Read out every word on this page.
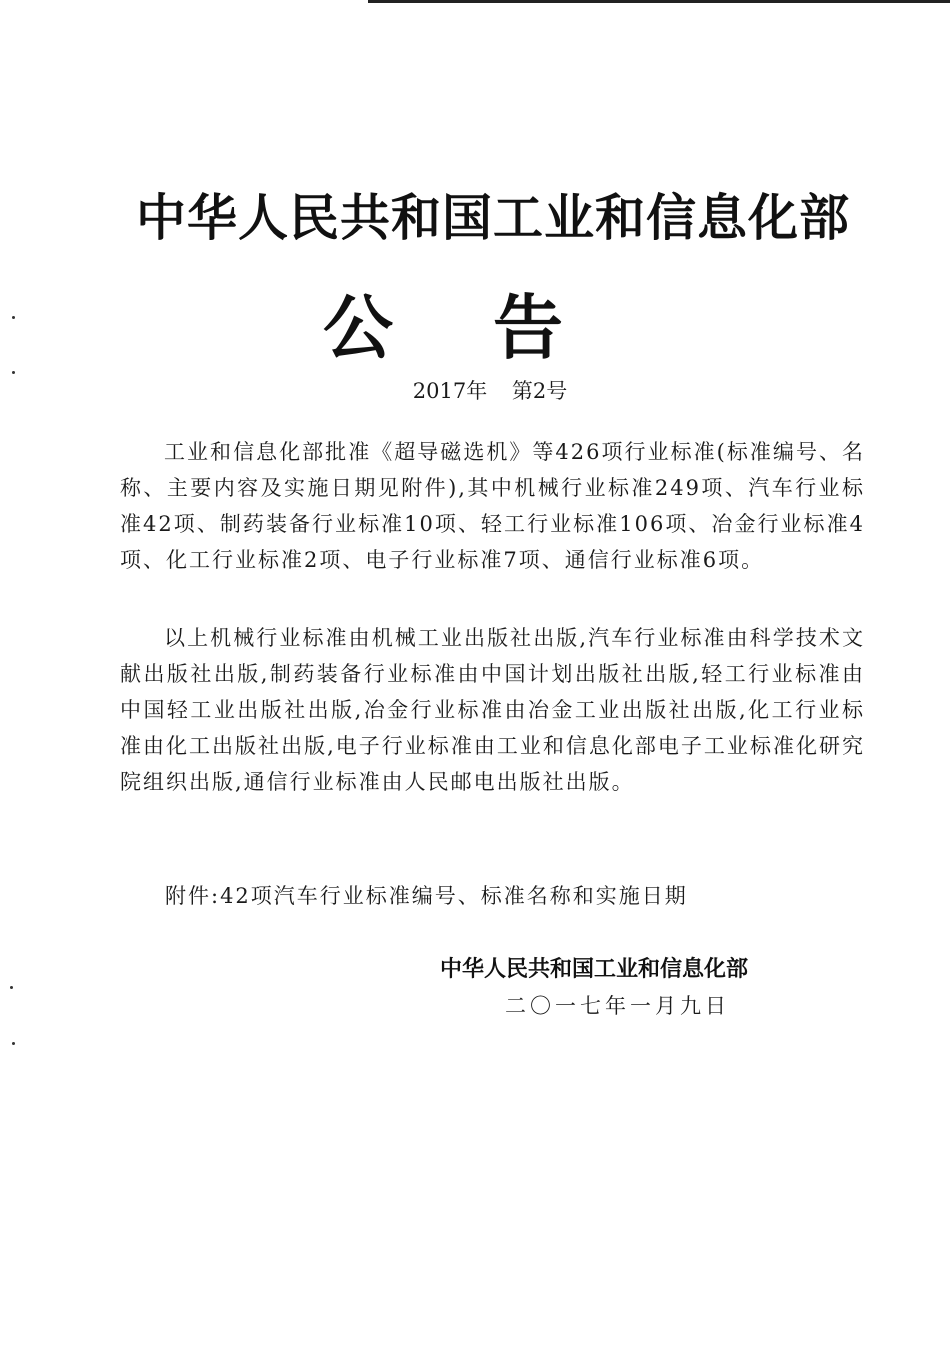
中华人民共和国工业和信息化部
公告
2017年 第2号
工业和信息化部批准《超导磁选机》等426项行业标准(标准编号、名称、主要内容及实施日期见附件),其中机械行业标准249项、汽车行业标准42项、制药装备行业标准10项、轻工行业标准106项、冶金行业标准4项、化工行业标准2项、电子行业标准7项、通信行业标准6项。
以上机械行业标准由机械工业出版社出版,汽车行业标准由科学技术文献出版社出版,制药装备行业标准由中国计划出版社出版,轻工行业标准由中国轻工业出版社出版,冶金行业标准由冶金工业出版社出版,化工行业标准由化工出版社出版,电子行业标准由工业和信息化部电子工业标准化研究院组织出版,通信行业标准由人民邮电出版社出版。
附件:42项汽车行业标准编号、标准名称和实施日期
中华人民共和国工业和信息化部
二〇一七年一月九日
